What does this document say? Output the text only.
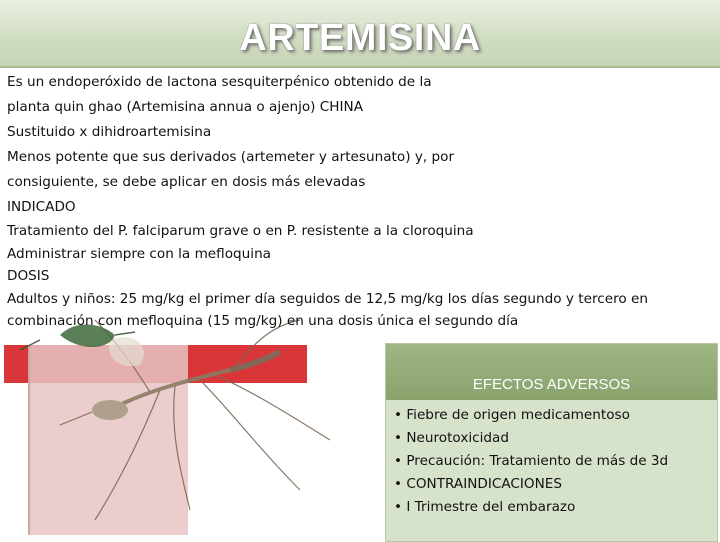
ARTEMISINA
Es un endoperóxido de lactona sesquiterpénico obtenido de la
planta quin ghao (Artemisina annua o ajenjo) CHINA
Sustituido x dihidroartemisina
Menos potente que sus derivados (artemeter y artesunato) y, por
consiguiente, se debe aplicar en dosis más elevadas
INDICADO
Tratamiento del P. falciparum grave o en P. resistente a la cloroquina
Administrar siempre con la mefloquina
DOSIS
Adultos y niños: 25 mg/kg el primer día seguidos de 12,5 mg/kg los días segundo y tercero en
combinación con mefloquina (15 mg/kg) en una dosis única el segundo día
EFECTOS ADVERSOS
• Fiebre de origen medicamentoso
• Neurotoxicidad
• Precaución: Tratamiento de más de 3d
• CONTRAINDICACIONES
• I Trimestre del embarazo
